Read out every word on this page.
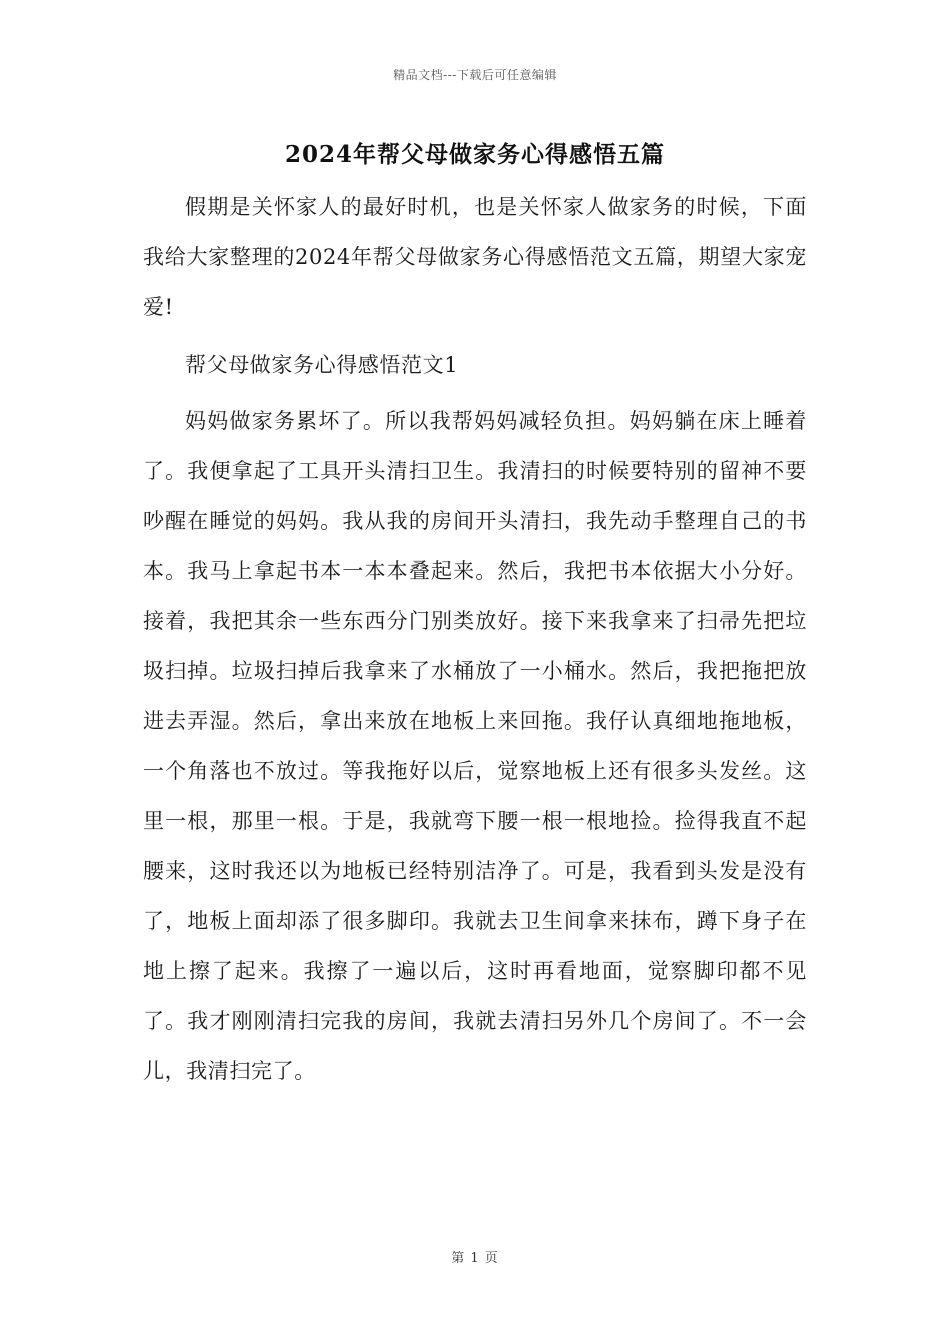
精品文档---下载后可任意编辑
2024年帮父母做家务心得感悟五篇

假期是关怀家人的最好时机，也是关怀家人做家务的时候，下面我给大家整理的2024年帮父母做家务心得感悟范文五篇，期望大家宠爱!

帮父母做家务心得感悟范文1

妈妈做家务累坏了。所以我帮妈妈减轻负担。妈妈躺在床上睡着了。我便拿起了工具开头清扫卫生。我清扫的时候要特别的留神不要吵醒在睡觉的妈妈。我从我的房间开头清扫，我先动手整理自己的书本。我马上拿起书本一本本叠起来。然后，我把书本依据大小分好。接着，我把其余一些东西分门别类放好。接下来我拿来了扫帚先把垃圾扫掉。垃圾扫掉后我拿来了水桶放了一小桶水。然后，我把拖把放进去弄湿。然后，拿出来放在地板上来回拖。我仔认真细地拖地板，一个角落也不放过。等我拖好以后，觉察地板上还有很多头发丝。这里一根，那里一根。于是，我就弯下腰一根一根地捡。捡得我直不起腰来，这时我还以为地板已经特别洁净了。可是，我看到头发是没有了，地板上面却添了很多脚印。我就去卫生间拿来抹布，蹲下身子在地上擦了起来。我擦了一遍以后，这时再看地面，觉察脚印都不见了。我才刚刚清扫完我的房间，我就去清扫另外几个房间了。不一会儿，我清扫完了。

第 1 页
